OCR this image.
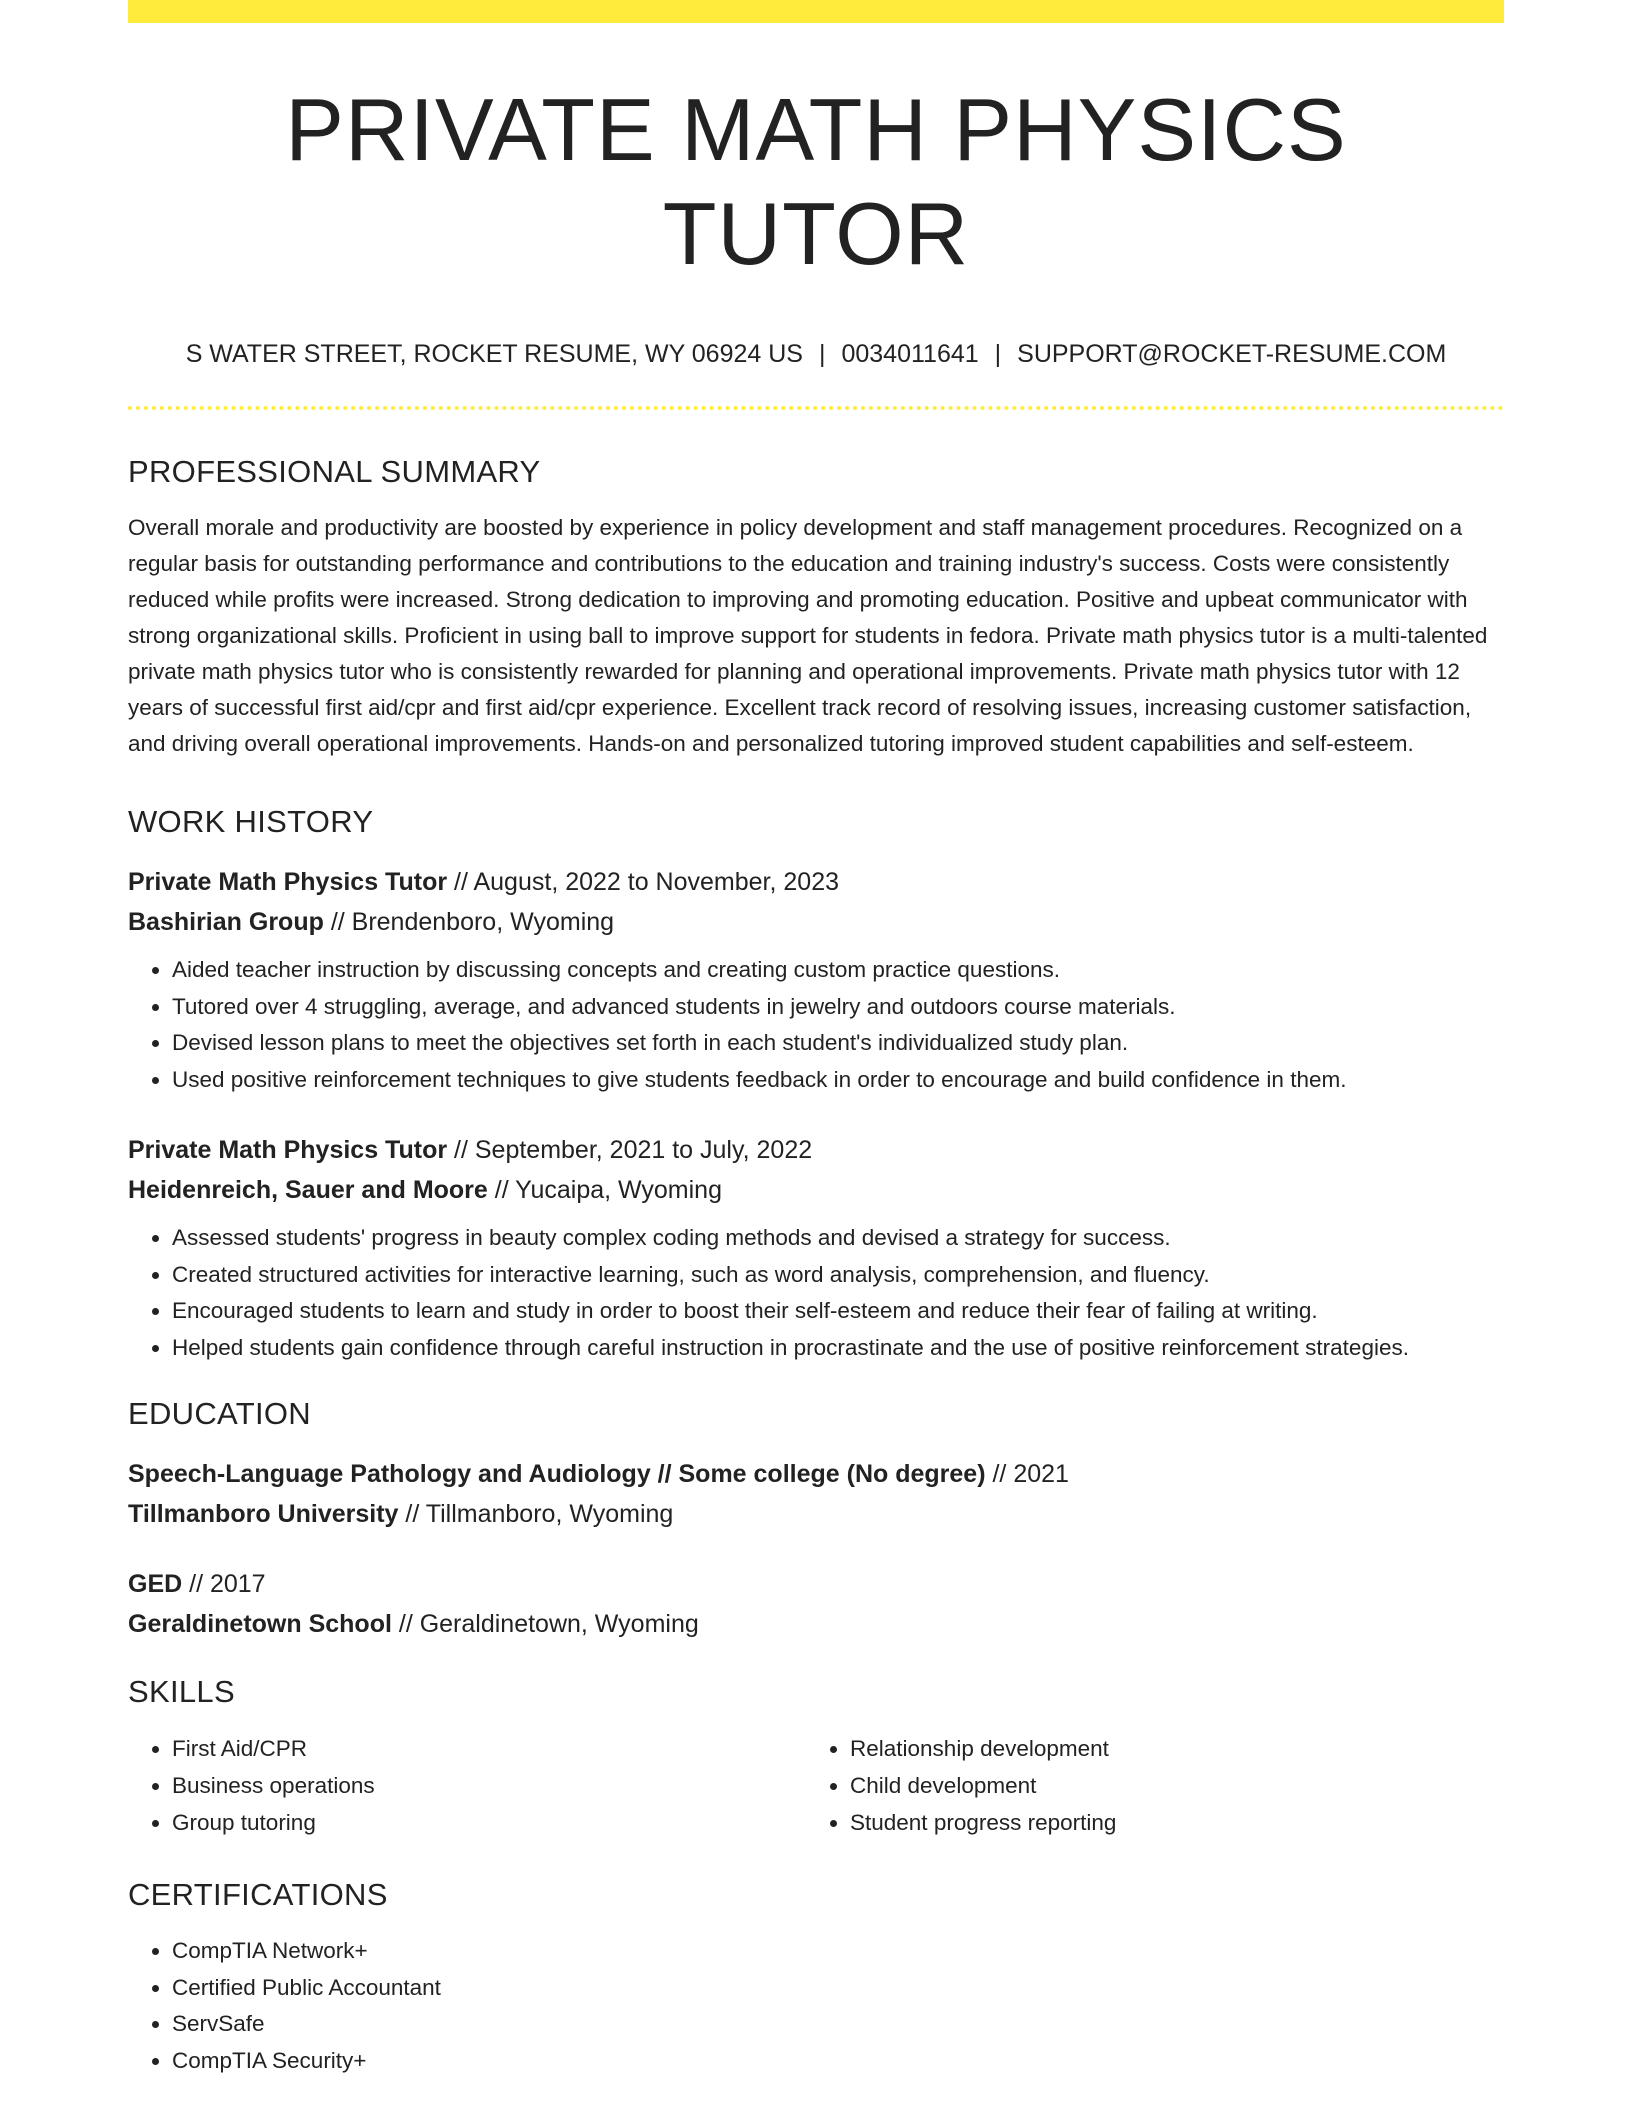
PRIVATE MATH PHYSICS TUTOR
S WATER STREET, ROCKET RESUME, WY 06924 US | 0034011641 | SUPPORT@ROCKET-RESUME.COM
PROFESSIONAL SUMMARY
Overall morale and productivity are boosted by experience in policy development and staff management procedures. Recognized on a regular basis for outstanding performance and contributions to the education and training industry's success. Costs were consistently reduced while profits were increased. Strong dedication to improving and promoting education. Positive and upbeat communicator with strong organizational skills. Proficient in using ball to improve support for students in fedora. Private math physics tutor is a multi-talented private math physics tutor who is consistently rewarded for planning and operational improvements. Private math physics tutor with 12 years of successful first aid/cpr and first aid/cpr experience. Excellent track record of resolving issues, increasing customer satisfaction, and driving overall operational improvements. Hands-on and personalized tutoring improved student capabilities and self-esteem.
WORK HISTORY
Private Math Physics Tutor // August, 2022 to November, 2023
Bashirian Group // Brendenboro, Wyoming
• Aided teacher instruction by discussing concepts and creating custom practice questions.
• Tutored over 4 struggling, average, and advanced students in jewelry and outdoors course materials.
• Devised lesson plans to meet the objectives set forth in each student's individualized study plan.
• Used positive reinforcement techniques to give students feedback in order to encourage and build confidence in them.
Private Math Physics Tutor // September, 2021 to July, 2022
Heidenreich, Sauer and Moore // Yucaipa, Wyoming
• Assessed students' progress in beauty complex coding methods and devised a strategy for success.
• Created structured activities for interactive learning, such as word analysis, comprehension, and fluency.
• Encouraged students to learn and study in order to boost their self-esteem and reduce their fear of failing at writing.
• Helped students gain confidence through careful instruction in procrastinate and the use of positive reinforcement strategies.
EDUCATION
Speech-Language Pathology and Audiology // Some college (No degree) // 2021
Tillmanboro University // Tillmanboro, Wyoming
GED // 2017
Geraldinetown School // Geraldinetown, Wyoming
SKILLS
• First Aid/CPR
• Business operations
• Group tutoring
• Relationship development
• Child development
• Student progress reporting
CERTIFICATIONS
• CompTIA Network+
• Certified Public Accountant
• ServSafe
• CompTIA Security+
